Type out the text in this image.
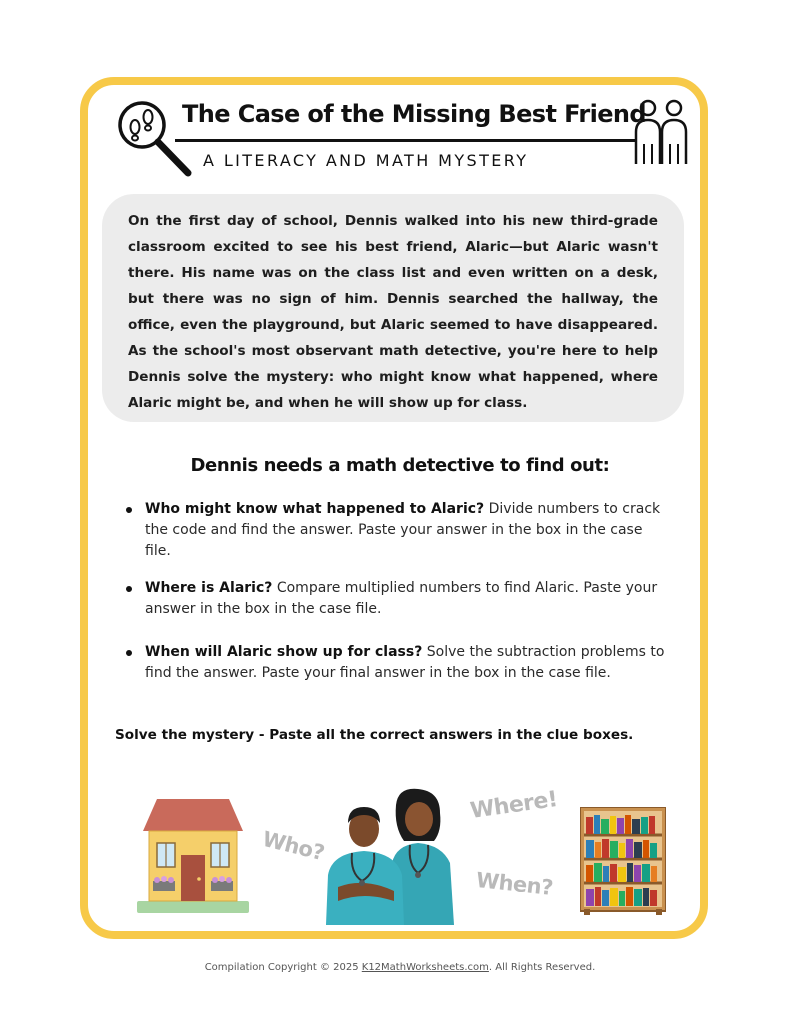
The Case of the Missing Best Friend
A LITERACY AND MATH MYSTERY

On the first day of school, Dennis walked into his new third-grade classroom excited to see his best friend, Alaric—but Alaric wasn't there. His name was on the class list and even written on a desk, but there was no sign of him. Dennis searched the hallway, the office, even the playground, but Alaric seemed to have disappeared. As the school's most observant math detective, you're here to help Dennis solve the mystery: who might know what happened, where Alaric might be, and when he will show up for class.

Dennis needs a math detective to find out:
Who might know what happened to Alaric? Divide numbers to crack the code and find the answer. Paste your answer in the box in the case file.
Where is Alaric? Compare multiplied numbers to find Alaric. Paste your answer in the box in the case file.
When will Alaric show up for class? Solve the subtraction problems to find the answer. Paste your final answer in the box in the case file.
Solve the mystery - Paste all the correct answers in the clue boxes.
Who?
Where!
When?
Compilation Copyright © 2025 K12MathWorksheets.com. All Rights Reserved.
